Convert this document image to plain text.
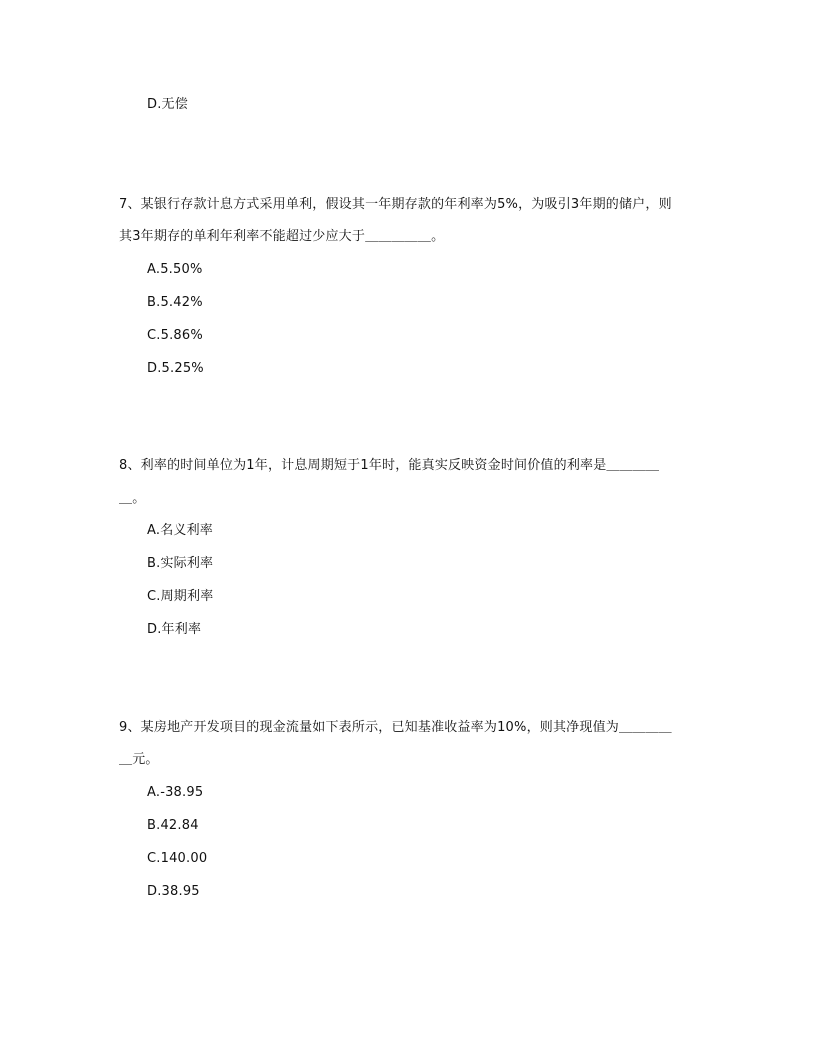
D.无偿
7、某银行存款计息方式采用单利，假设其一年期存款的年利率为5%，为吸引3年期的储户，则
其3年期存的单利年利率不能超过少应大于＿＿＿＿＿。
A.5.50%
B.5.42%
C.5.86%
D.5.25%
8、利率的时间单位为1年，计息周期短于1年时，能真实反映资金时间价值的利率是＿＿＿＿
＿。
A.名义利率
B.实际利率
C.周期利率
D.年利率
9、某房地产开发项目的现金流量如下表所示，已知基准收益率为10%，则其净现值为＿＿＿＿
＿元。
A.-38.95
B.42.84
C.140.00
D.38.95
